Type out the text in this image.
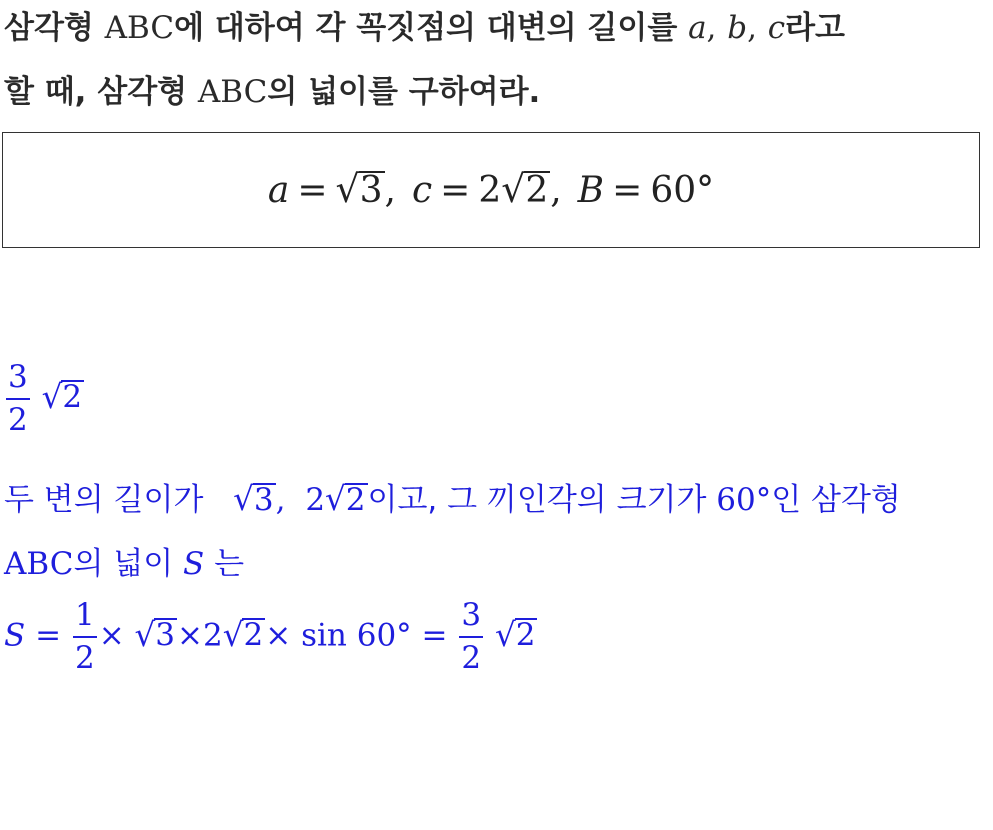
삼각형 ABC에 대하여 각 꼭짓점의 대변의 길이를 a, b, c라고
할 때, 삼각형 ABC의 넓이를 구하여라.
a = √ 3 , c = 2 √ 2 , B = 60°
$\frac{3}{2}$
√ 2
두 변의 길이가 √ 3 , 2 √ 2 이고, 그 끼인각의 크기가 60°인 삼각형
ABC의 넓이 S 는
$S = \frac{1}{2}$ × √ 3 ×2 √ $2 \times \sin 60^\circ = \frac{3}{2}$
√ 2
